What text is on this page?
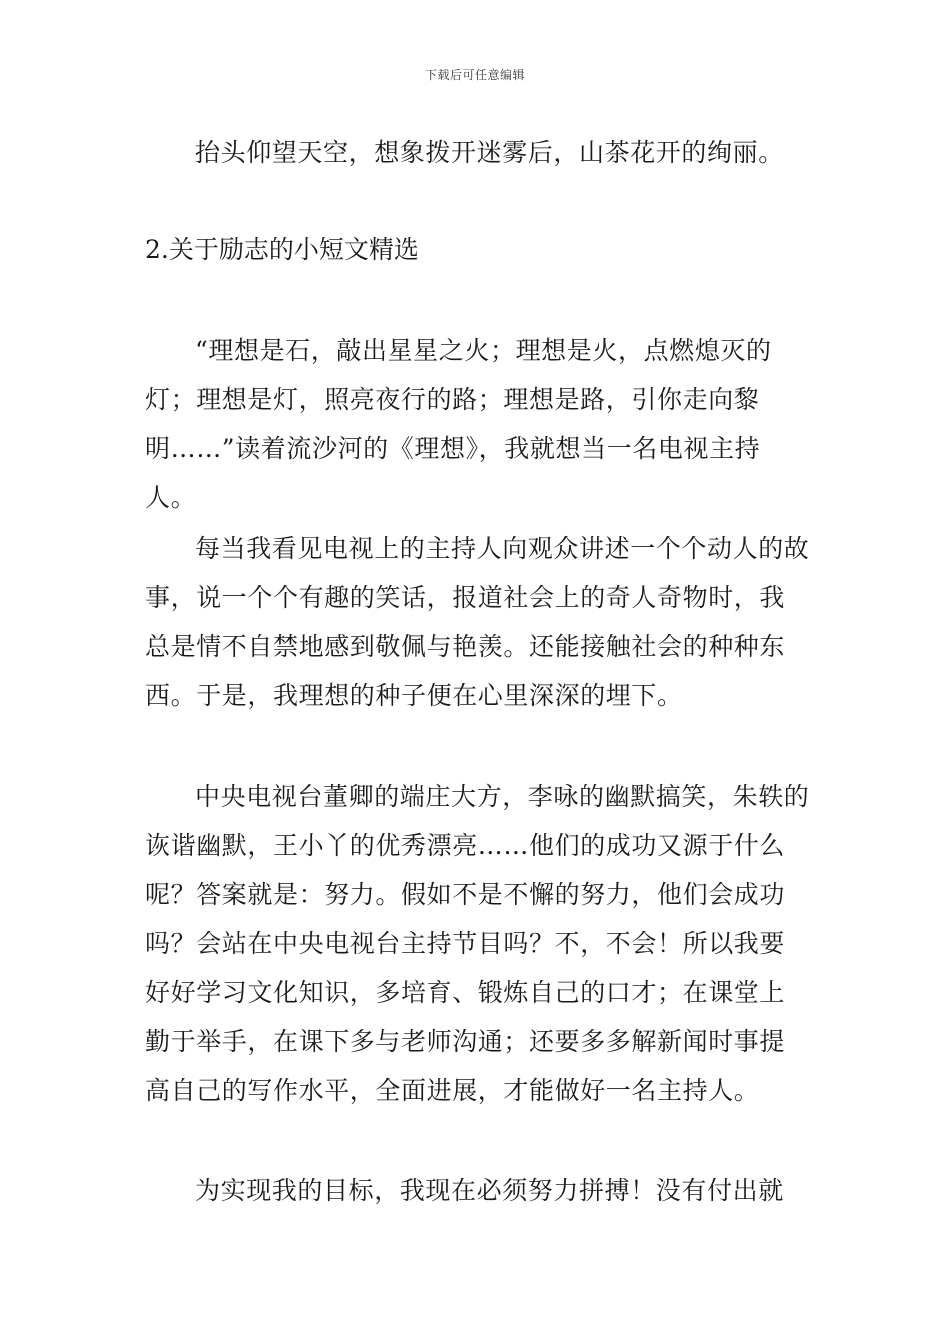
下载后可任意编辑

抬头仰望天空，想象拨开迷雾后，山茶花开的绚丽。

2.关于励志的小短文精选

“理想是石，敲出星星之火；理想是火，点燃熄灭的灯；理想是灯，照亮夜行的路；理想是路，引你走向黎明……”读着流沙河的《理想》，我就想当一名电视主持人。

每当我看见电视上的主持人向观众讲述一个个动人的故事，说一个个有趣的笑话，报道社会上的奇人奇物时，我总是情不自禁地感到敬佩与艳羡。还能接触社会的种种东西。于是，我理想的种子便在心里深深的埋下。

中央电视台董卿的端庄大方，李咏的幽默搞笑，朱轶的诙谐幽默，王小丫的优秀漂亮……他们的成功又源于什么呢？答案就是：努力。假如不是不懈的努力，他们会成功吗？会站在中央电视台主持节目吗？不，不会！所以我要好好学习文化知识，多培育、锻炼自己的口才；在课堂上勤于举手，在课下多与老师沟通；还要多多解新闻时事提高自己的写作水平，全面进展，才能做好一名主持人。

为实现我的目标，我现在必须努力拼搏！没有付出就
